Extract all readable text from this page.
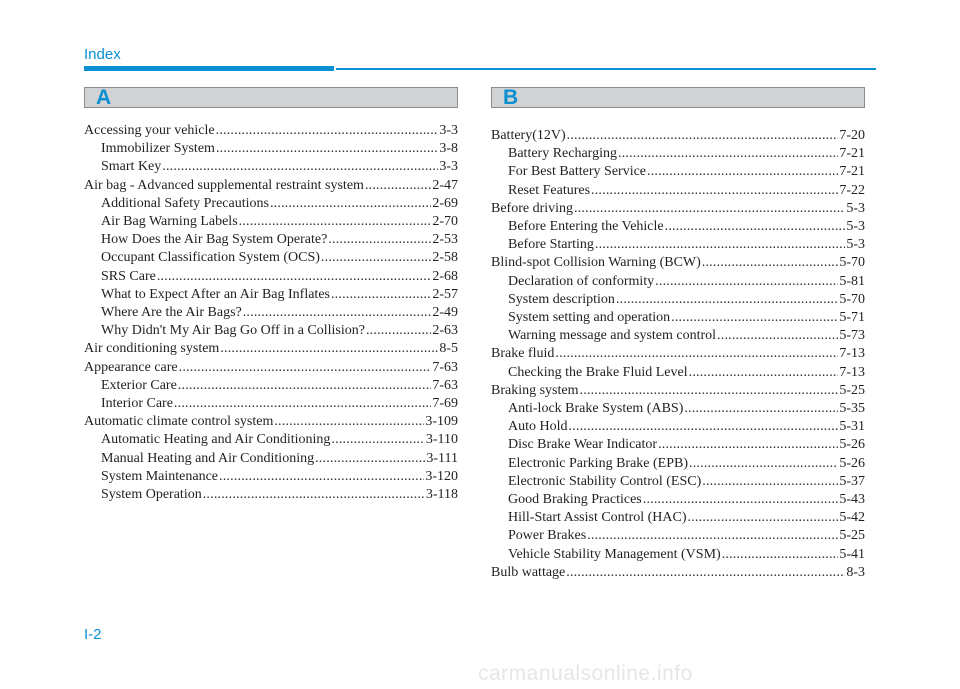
Index
A	B
Accessing your vehicle .....	3-3
Immobilizer System .....	3-8
Smart Key .....	3-3
Air bag - Advanced supplemental restraint system .....	2-47
Additional Safety Precautions .....	2-69
Air Bag Warning Labels .....	2-70
How Does the Air Bag System Operate? .....	2-53
Occupant Classification System (OCS) .....	2-58
SRS Care .....	2-68
What to Expect After an Air Bag Inflates .....	2-57
Where Are the Air Bags? .....	2-49
Why Didn't My Air Bag Go Off in a Collision? .....	2-63
Air conditioning system .....	8-5
Appearance care .....	7-63
Exterior Care .....	7-63
Interior Care .....	7-69
Automatic climate control system .....	3-109
Automatic Heating and Air Conditioning .....	3-110
Manual Heating and Air Conditioning .....	3-111
System Maintenance .....	3-120
System Operation .....	3-118
Battery(12V) .....	7-20
Battery Recharging .....	7-21
For Best Battery Service .....	7-21
Reset Features .....	7-22
Before driving .....	5-3
Before Entering the Vehicle .....	5-3
Before Starting .....	5-3
Blind-spot Collision Warning (BCW) .....	5-70
Declaration of conformity .....	5-81
System description .....	5-70
System setting and operation .....	5-71
Warning message and system control .....	5-73
Brake fluid .....	7-13
Checking the Brake Fluid Level .....	7-13
Braking system .....	5-25
Anti-lock Brake System (ABS) .....	5-35
Auto Hold .....	5-31
Disc Brake Wear Indicator .....	5-26
Electronic Parking Brake (EPB) .....	5-26
Electronic Stability Control (ESC) .....	5-37
Good Braking Practices .....	5-43
Hill-Start Assist Control (HAC) .....	5-42
Power Brakes .....	5-25
Vehicle Stability Management (VSM) .....	5-41
Bulb wattage .....	8-3
I-2
carmanualsonline.info
